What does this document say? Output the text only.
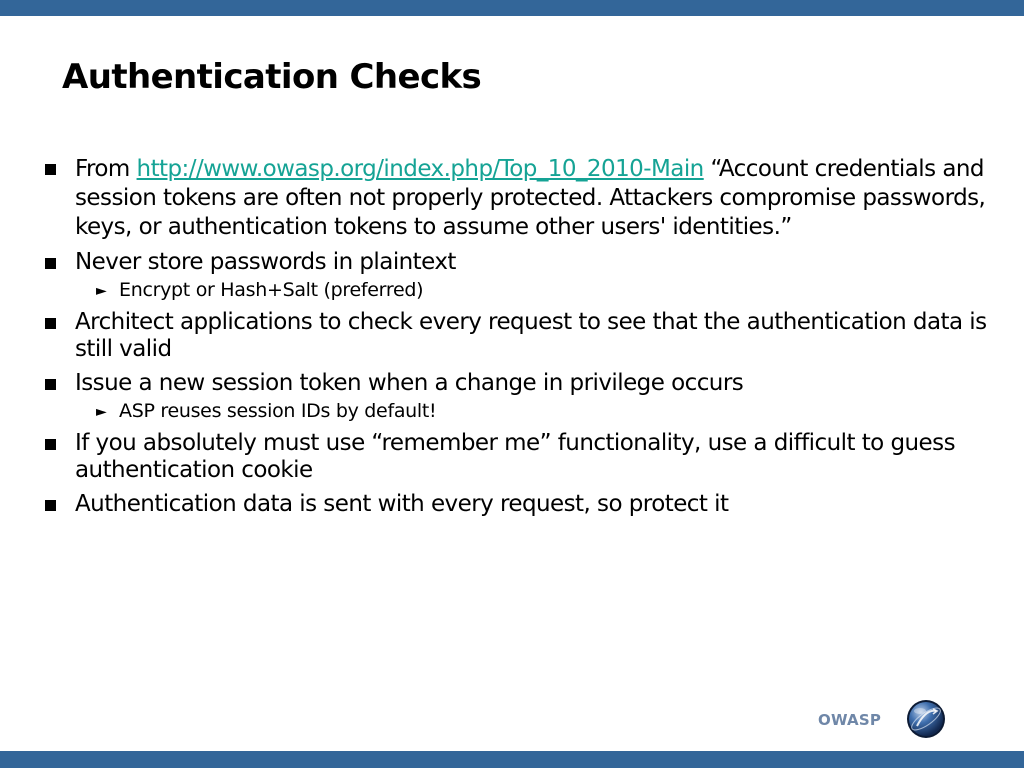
Authentication Checks
From http://www.owasp.org/index.php/Top_10_2010-Main “Account credentials and session tokens are often not properly protected. Attackers compromise passwords, keys, or authentication tokens to assume other users' identities.”
Never store passwords in plaintext
► Encrypt or Hash+Salt (preferred)
Architect applications to check every request to see that the authentication data is still valid
Issue a new session token when a change in privilege occurs
► ASP reuses session IDs by default!
If you absolutely must use “remember me” functionality, use a difficult to guess authentication cookie
Authentication data is sent with every request, so protect it
OWASP
